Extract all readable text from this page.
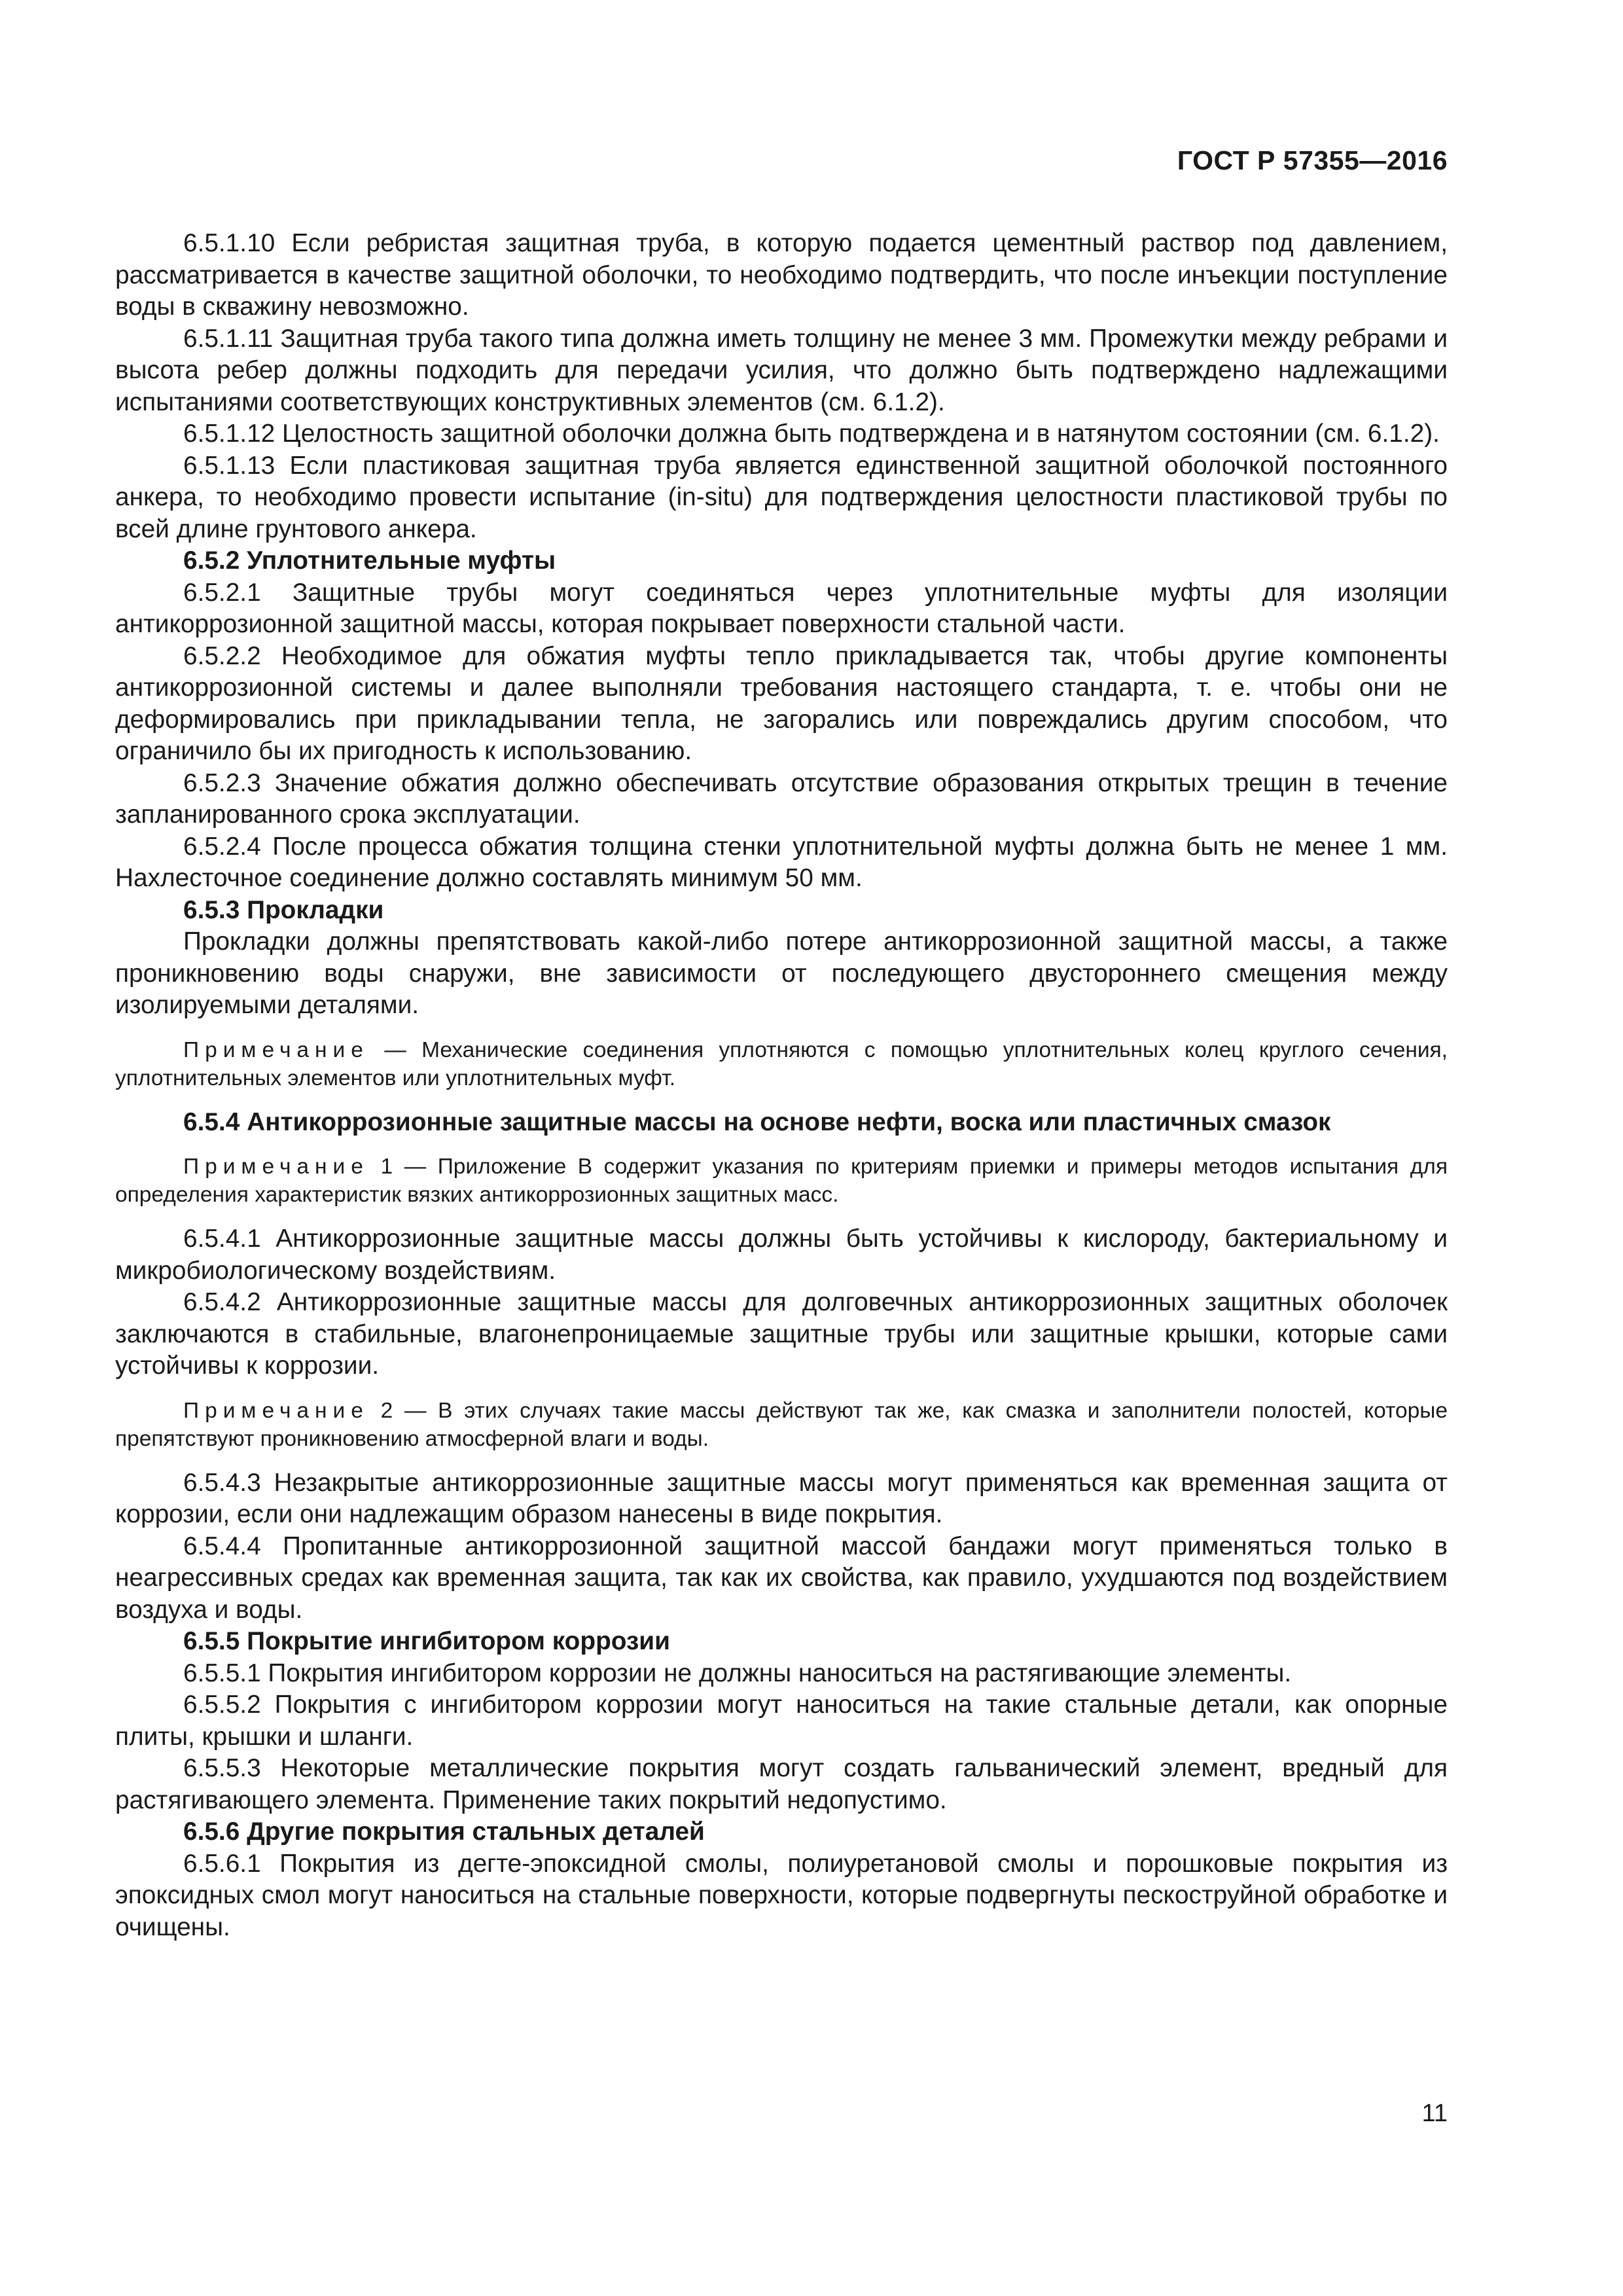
ГОСТ Р 57355—2016

6.5.1.10 Если ребристая защитная труба, в которую подается цементный раствор под давлением, рассматривается в качестве защитной оболочки, то необходимо подтвердить, что после инъекции поступление воды в скважину невозможно.

6.5.1.11 Защитная труба такого типа должна иметь толщину не менее 3 мм. Промежутки между ребрами и высота ребер должны подходить для передачи усилия, что должно быть подтверждено надлежащими испытаниями соответствующих конструктивных элементов (см. 6.1.2).

6.5.1.12 Целостность защитной оболочки должна быть подтверждена и в натянутом состоянии (см. 6.1.2).

6.5.1.13 Если пластиковая защитная труба является единственной защитной оболочкой постоянного анкера, то необходимо провести испытание (in-situ) для подтверждения целостности пластиковой трубы по всей длине грунтового анкера.

6.5.2 Уплотнительные муфты

6.5.2.1 Защитные трубы могут соединяться через уплотнительные муфты для изоляции антикоррозионной защитной массы, которая покрывает поверхности стальной части.

6.5.2.2 Необходимое для обжатия муфты тепло прикладывается так, чтобы другие компоненты антикоррозионной системы и далее выполняли требования настоящего стандарта, т. е. чтобы они не деформировались при прикладывании тепла, не загорались или повреждались другим способом, что ограничило бы их пригодность к использованию.

6.5.2.3 Значение обжатия должно обеспечивать отсутствие образования открытых трещин в течение запланированного срока эксплуатации.

6.5.2.4 После процесса обжатия толщина стенки уплотнительной муфты должна быть не менее 1 мм. Нахлесточное соединение должно составлять минимум 50 мм.

6.5.3 Прокладки

Прокладки должны препятствовать какой-либо потере антикоррозионной защитной массы, а также проникновению воды снаружи, вне зависимости от последующего двустороннего смещения между изолируемыми деталями.

Примечание — Механические соединения уплотняются с помощью уплотнительных колец круглого сечения, уплотнительных элементов или уплотнительных муфт.

6.5.4 Антикоррозионные защитные массы на основе нефти, воска или пластичных смазок

Примечание 1 — Приложение В содержит указания по критериям приемки и примеры методов испытания для определения характеристик вязких антикоррозионных защитных масс.

6.5.4.1 Антикоррозионные защитные массы должны быть устойчивы к кислороду, бактериальному и микробиологическому воздействиям.

6.5.4.2 Антикоррозионные защитные массы для долговечных антикоррозионных защитных оболочек заключаются в стабильные, влагонепроницаемые защитные трубы или защитные крышки, которые сами устойчивы к коррозии.

Примечание 2 — В этих случаях такие массы действуют так же, как смазка и заполнители полостей, которые препятствуют проникновению атмосферной влаги и воды.

6.5.4.3 Незакрытые антикоррозионные защитные массы могут применяться как временная защита от коррозии, если они надлежащим образом нанесены в виде покрытия.

6.5.4.4 Пропитанные антикоррозионной защитной массой бандажи могут применяться только в неагрессивных средах как временная защита, так как их свойства, как правило, ухудшаются под воздействием воздуха и воды.

6.5.5 Покрытие ингибитором коррозии

6.5.5.1 Покрытия ингибитором коррозии не должны наноситься на растягивающие элементы.

6.5.5.2 Покрытия с ингибитором коррозии могут наноситься на такие стальные детали, как опорные плиты, крышки и шланги.

6.5.5.3 Некоторые металлические покрытия могут создать гальванический элемент, вредный для растягивающего элемента. Применение таких покрытий недопустимо.

6.5.6 Другие покрытия стальных деталей

6.5.6.1 Покрытия из дегте-эпоксидной смолы, полиуретановой смолы и порошковые покрытия из эпоксидных смол могут наноситься на стальные поверхности, которые подвергнуты пескоструйной обработке и очищены.

11
